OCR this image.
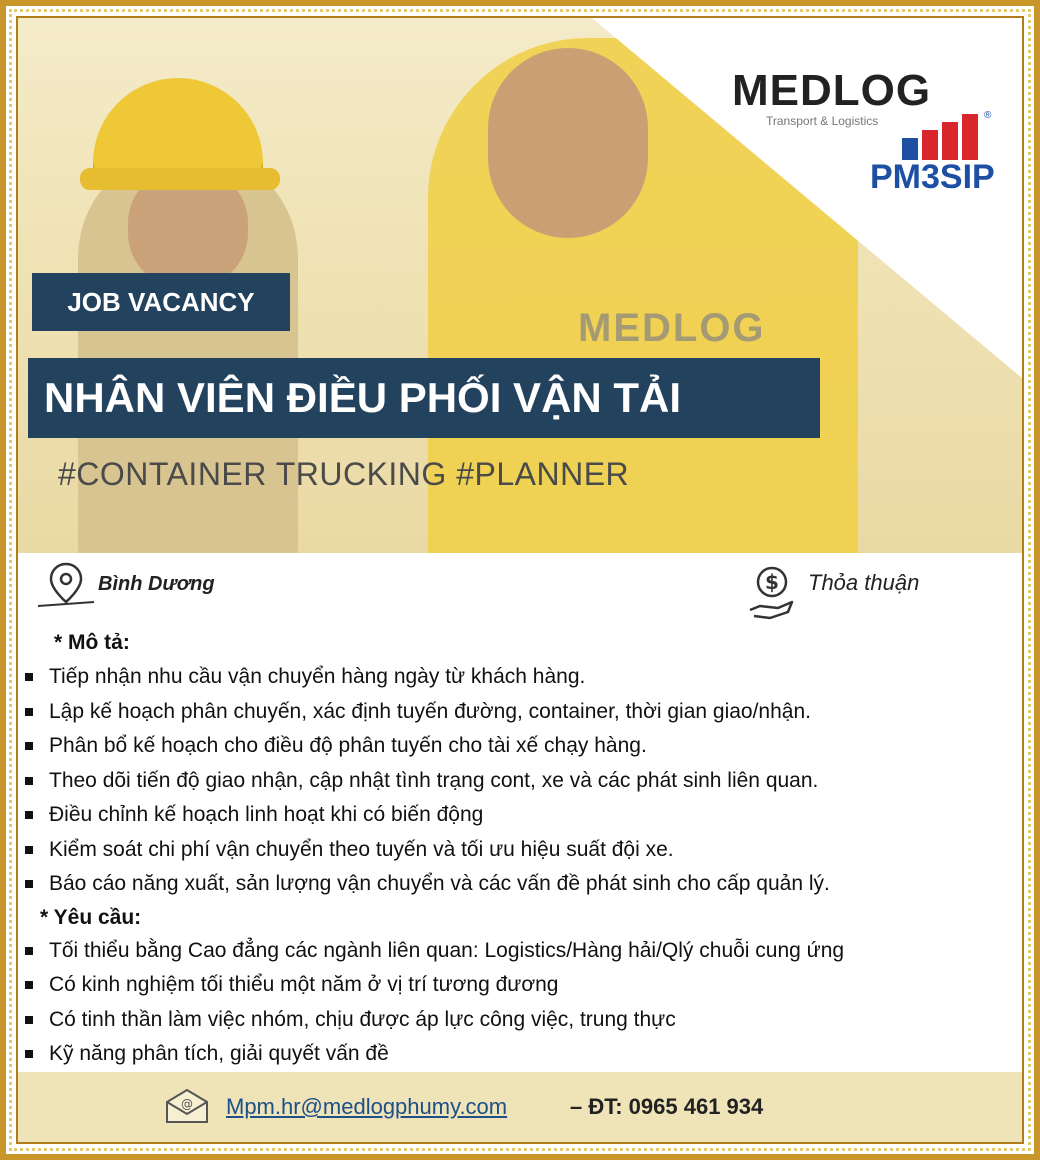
MEDLOG
MEDLOG
Transport & Logistics	®
PM3SIP
JOB VACANCY
NHÂN VIÊN ĐIỀU PHỐI VẬN TẢI
#CONTAINER TRUCKING #PLANNER
Bình Dương	$ Thỏa thuận
* Mô tả:
Tiếp nhận nhu cầu vận chuyển hàng ngày từ khách hàng.
Lập kế hoạch phân chuyến, xác định tuyến đường, container, thời gian giao/nhận.
Phân bổ kế hoạch cho điều độ phân tuyến cho tài xế chạy hàng.
Theo dõi tiến độ giao nhận, cập nhật tình trạng cont, xe và các phát sinh liên quan.
Điều chỉnh kế hoạch linh hoạt khi có biến động
Kiểm soát chi phí vận chuyển theo tuyến và tối ưu hiệu suất đội xe.
Báo cáo năng xuất, sản lượng vận chuyển và các vấn đề phát sinh cho cấp quản lý.
* Yêu cầu:
Tối thiểu bằng Cao đẳng các ngành liên quan: Logistics/Hàng hải/Qlý chuỗi cung ứng
Có kinh nghiệm tối thiểu một năm ở vị trí tương đương
Có tinh thần làm việc nhóm, chịu được áp lực công việc, trung thực
Kỹ năng phân tích, giải quyết vấn đề
@ Mpm.hr@medlogphumy.com	– ĐT: 0965 461 934
